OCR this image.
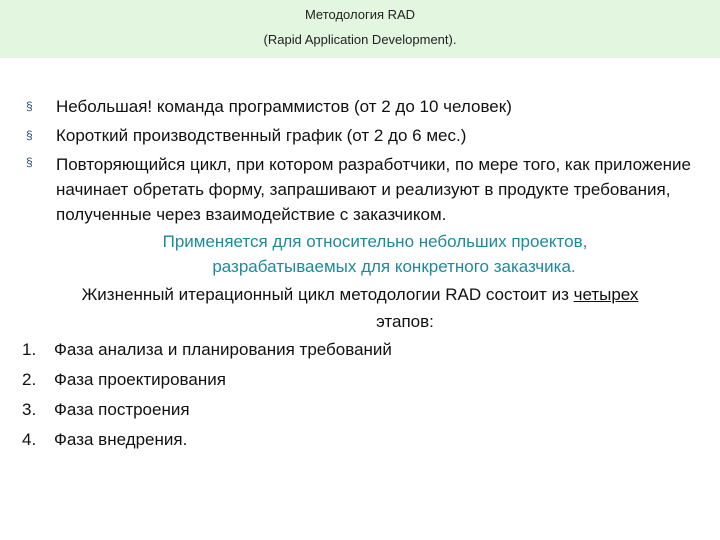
Методология RAD
(Rapid Application Development).
§ Небольшая! команда программистов (от 2 до 10 человек)
§ Короткий производственный график (от 2 до 6 мес.)
§ Повторяющийся цикл, при котором разработчики, по мере того, как приложение начинает обретать форму, запрашивают и реализуют в продукте требования, полученные через взаимодействие с заказчиком.
Применяется для относительно небольших проектов,
разрабатываемых для конкретного заказчика.
Жизненный итерационный цикл методологии RAD состоит из четырех
этапов:
1. Фаза анализа и планирования требований
2. Фаза проектирования
3. Фаза построения
4. Фаза внедрения.
